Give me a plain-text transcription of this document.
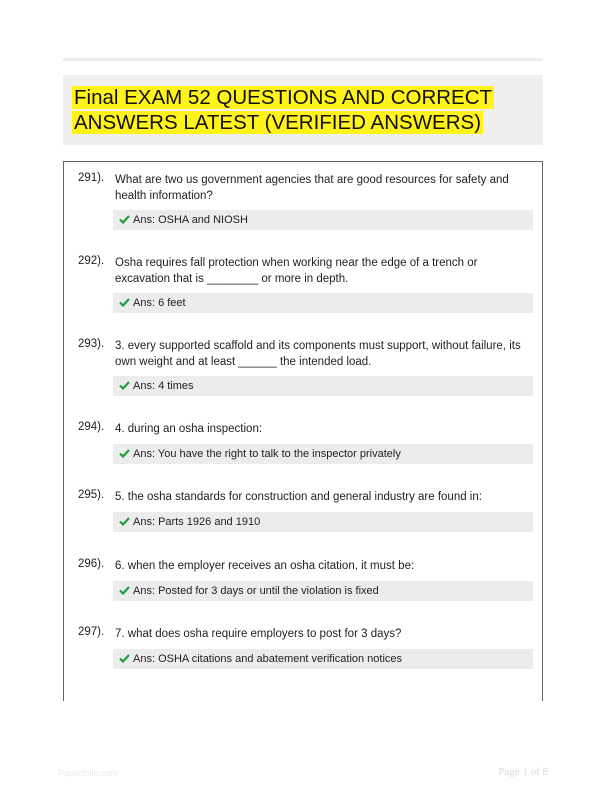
Final EXAM 52 QUESTIONS AND CORRECT ANSWERS LATEST (VERIFIED ANSWERS)
291). What are two us government agencies that are good resources for safety and health information?
Ans: OSHA and NIOSH
292). Osha requires fall protection when working near the edge of a trench or excavation that is ________ or more in depth.
Ans: 6 feet
293). 3. every supported scaffold and its components must support, without failure, its own weight and at least ______ the intended load.
Ans: 4 times
294). 4. during an osha inspection:
Ans: You have the right to talk to the inspector privately
295). 5. the osha standards for construction and general industry are found in:
Ans: Parts 1926 and 1910
296). 6. when the employer receives an osha citation, it must be:
Ans: Posted for 3 days or until the violation is fixed
297). 7. what does osha require employers to post for 3 days?
Ans: OSHA citations and abatement verification notices
Paperfolio.com	Page 1 of 8
